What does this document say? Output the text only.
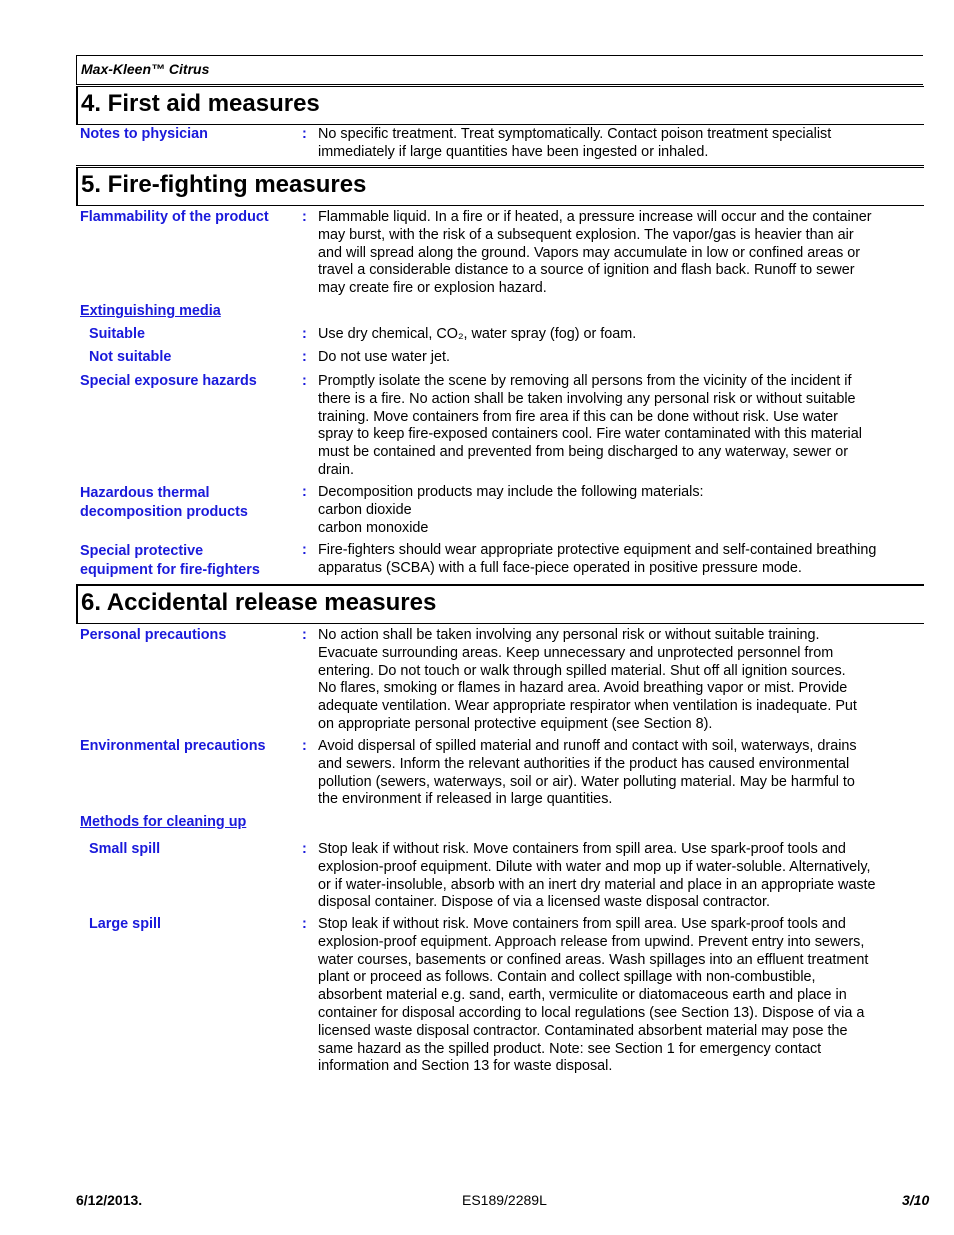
Max-Kleen™ Citrus
4. First aid measures
Notes to physician	: No specific treatment. Treat symptomatically. Contact poison treatment specialist
immediately if large quantities have been ingested or inhaled.
5. Fire-fighting measures
Flammability of the product	: Flammable liquid. In a fire or if heated, a pressure increase will occur and the container
may burst, with the risk of a subsequent explosion. The vapor/gas is heavier than air
and will spread along the ground. Vapors may accumulate in low or confined areas or
travel a considerable distance to a source of ignition and flash back. Runoff to sewer
may create fire or explosion hazard.
Extinguishing media
Suitable	: Use dry chemical, CO₂, water spray (fog) or foam.
Not suitable	: Do not use water jet.
Special exposure hazards	: Promptly isolate the scene by removing all persons from the vicinity of the incident if
there is a fire. No action shall be taken involving any personal risk or without suitable
training. Move containers from fire area if this can be done without risk. Use water
spray to keep fire-exposed containers cool. Fire water contaminated with this material
must be contained and prevented from being discharged to any waterway, sewer or
drain.
Hazardous thermal
decomposition products
: Decomposition products may include the following materials:
carbon dioxide
carbon monoxide
Special protective
equipment for fire-fighters
: Fire-fighters should wear appropriate protective equipment and self-contained breathing
apparatus (SCBA) with a full face-piece operated in positive pressure mode.
6. Accidental release measures
Personal precautions	: No action shall be taken involving any personal risk or without suitable training.
Evacuate surrounding areas. Keep unnecessary and unprotected personnel from
entering. Do not touch or walk through spilled material. Shut off all ignition sources.
No flares, smoking or flames in hazard area. Avoid breathing vapor or mist. Provide
adequate ventilation. Wear appropriate respirator when ventilation is inadequate. Put
on appropriate personal protective equipment (see Section 8).
Environmental precautions	: Avoid dispersal of spilled material and runoff and contact with soil, waterways, drains
and sewers. Inform the relevant authorities if the product has caused environmental
pollution (sewers, waterways, soil or air). Water polluting material. May be harmful to
the environment if released in large quantities.
Methods for cleaning up
Small spill	: Stop leak if without risk. Move containers from spill area. Use spark-proof tools and
explosion-proof equipment. Dilute with water and mop up if water-soluble. Alternatively,
or if water-insoluble, absorb with an inert dry material and place in an appropriate waste
disposal container. Dispose of via a licensed waste disposal contractor.
Large spill	: Stop leak if without risk. Move containers from spill area. Use spark-proof tools and
explosion-proof equipment. Approach release from upwind. Prevent entry into sewers,
water courses, basements or confined areas. Wash spillages into an effluent treatment
plant or proceed as follows. Contain and collect spillage with non-combustible,
absorbent material e.g. sand, earth, vermiculite or diatomaceous earth and place in
container for disposal according to local regulations (see Section 13). Dispose of via a
licensed waste disposal contractor. Contaminated absorbent material may pose the
same hazard as the spilled product. Note: see Section 1 for emergency contact
information and Section 13 for waste disposal.
6/12/2013.	ES189/2289L	3/10
